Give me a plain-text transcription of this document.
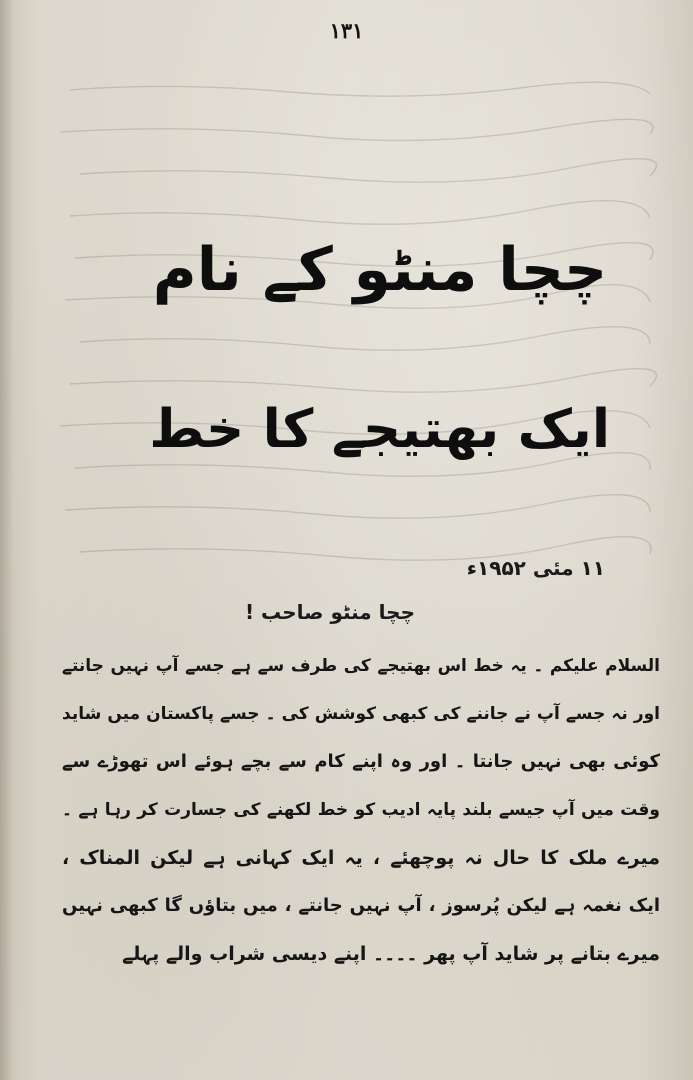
۱۳۱
چچا منٹو کے نام
ایک بھتیجے کا خط
۱۱ مئی ۱۹۵۲ء
چچا منٹو صاحب !
السلام علیکم ۔ یہ خط اس بھتیجے کی طرف سے ہے جسے آپ نہیں جانتے
اور نہ جسے آپ نے جاننے کی کبھی کوشش کی ۔ جسے پاکستان میں شاید
کوئی بھی نہیں جانتا ۔ اور وہ اپنے کام سے بچے ہوئے اس تھوڑے سے
وقت میں آپ جیسے بلند پایہ ادیب کو خط لکھنے کی جسارت کر رہا ہے ۔
میرے ملک کا حال نہ پوچھئے ، یہ ایک کہانی ہے لیکن المناک ،
ایک نغمہ ہے لیکن پُرسوز ، آپ نہیں جانتے ، میں بتاؤں گا کبھی نہیں
میرے بتانے پر شاید آپ پھر ۔۔۔۔ اپنے دیسی شراب والے پہلے
